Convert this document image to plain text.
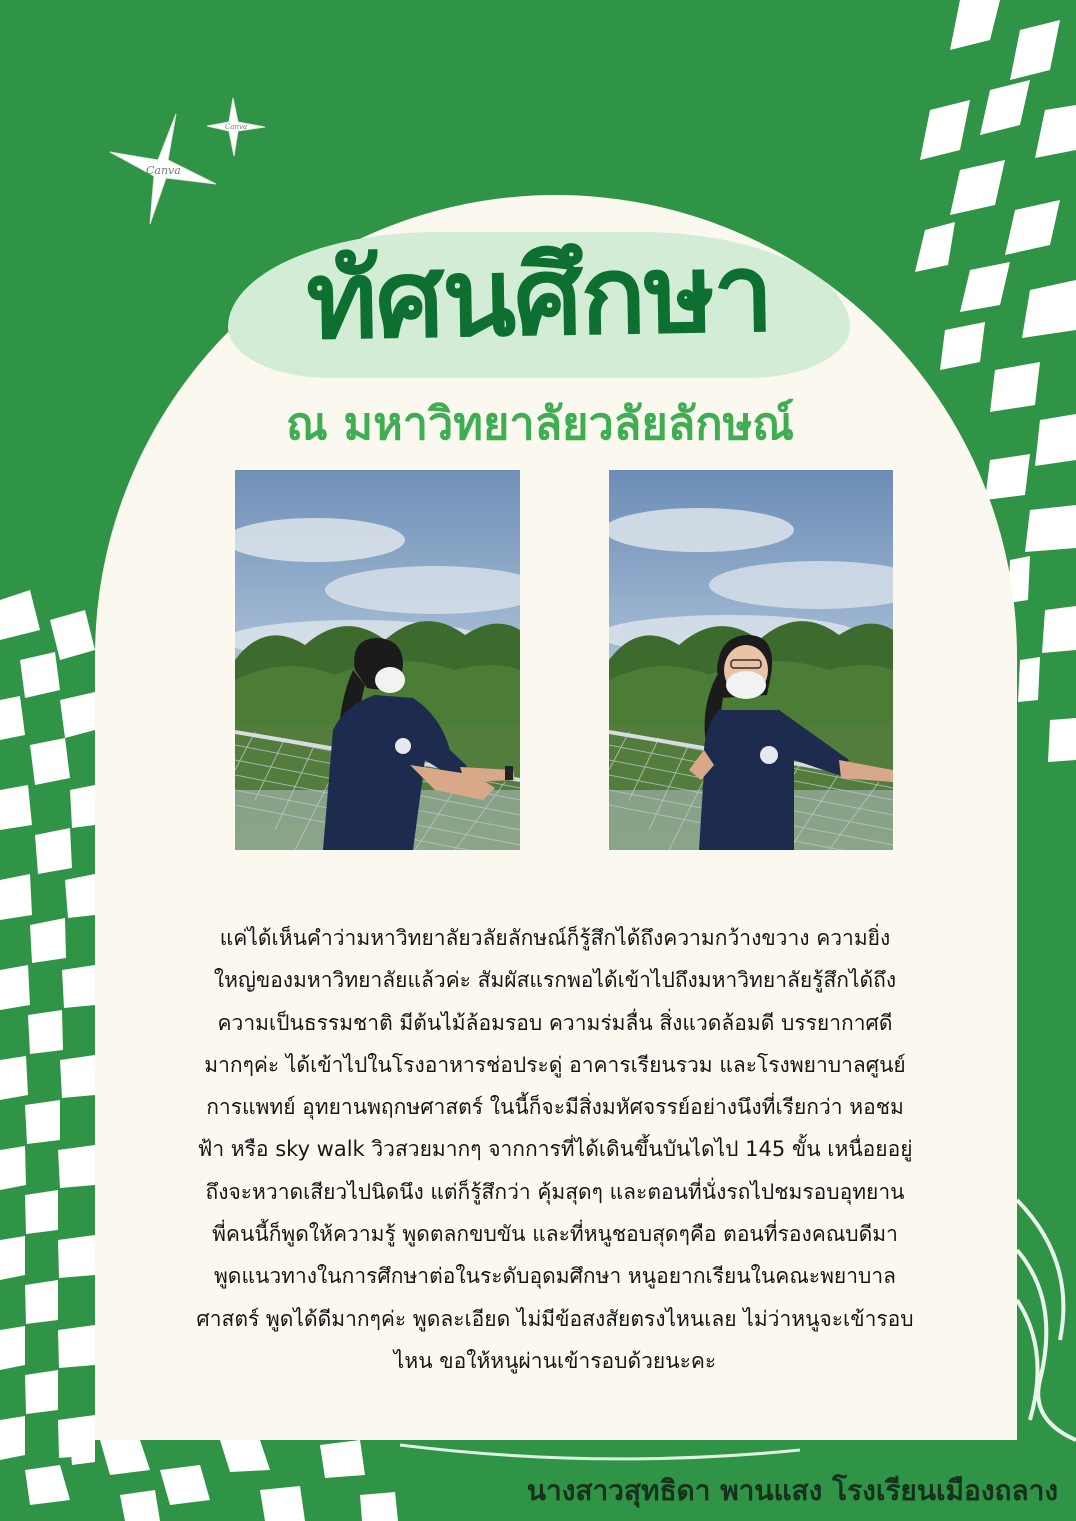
Canva
Canva
ทัศนศึกษา
ณ มหาวิทยาลัยวลัยลักษณ์
แค่ได้เห็นคำว่ามหาวิทยาลัยวลัยลักษณ์ก็รู้สึกได้ถึงความกว้างขวาง ความยิ่ง
ใหญ่ของมหาวิทยาลัยแล้วค่ะ สัมผัสแรกพอได้เข้าไปถึงมหาวิทยาลัยรู้สึกได้ถึง
ความเป็นธรรมชาติ มีต้นไม้ล้อมรอบ ความร่มลื่น สิ่งแวดล้อมดี บรรยากาศดี
มากๆค่ะ ได้เข้าไปในโรงอาหารช่อประดู่ อาคารเรียนรวม และโรงพยาบาลศูนย์
การแพทย์ อุทยานพฤกษศาสตร์ ในนี้ก็จะมีสิ่งมหัศจรรย์อย่างนึงที่เรียกว่า หอชม
ฟ้า หรือ sky walk วิวสวยมากๆ จากการที่ได้เดินขึ้นบันไดไป 145 ขั้น เหนื่อยอยู่
ถึงจะหวาดเสียวไปนิดนึง แต่ก็รู้สึกว่า คุ้มสุดๆ และตอนที่นั่งรถไปชมรอบอุทยาน
พี่คนนี้ก็พูดให้ความรู้ พูดตลกขบขัน และที่หนูชอบสุดๆคือ ตอนที่รองคณบดีมา
พูดแนวทางในการศึกษาต่อในระดับอุดมศึกษา หนูอยากเรียนในคณะพยาบาล
ศาสตร์ พูดได้ดีมากๆค่ะ พูดละเอียด ไม่มีข้อสงสัยตรงไหนเลย ไม่ว่าหนูจะเข้ารอบ
ไหน ขอให้หนูผ่านเข้ารอบด้วยนะคะ
นางสาวสุทธิดา พานแสง โรงเรียนเมืองถลาง
